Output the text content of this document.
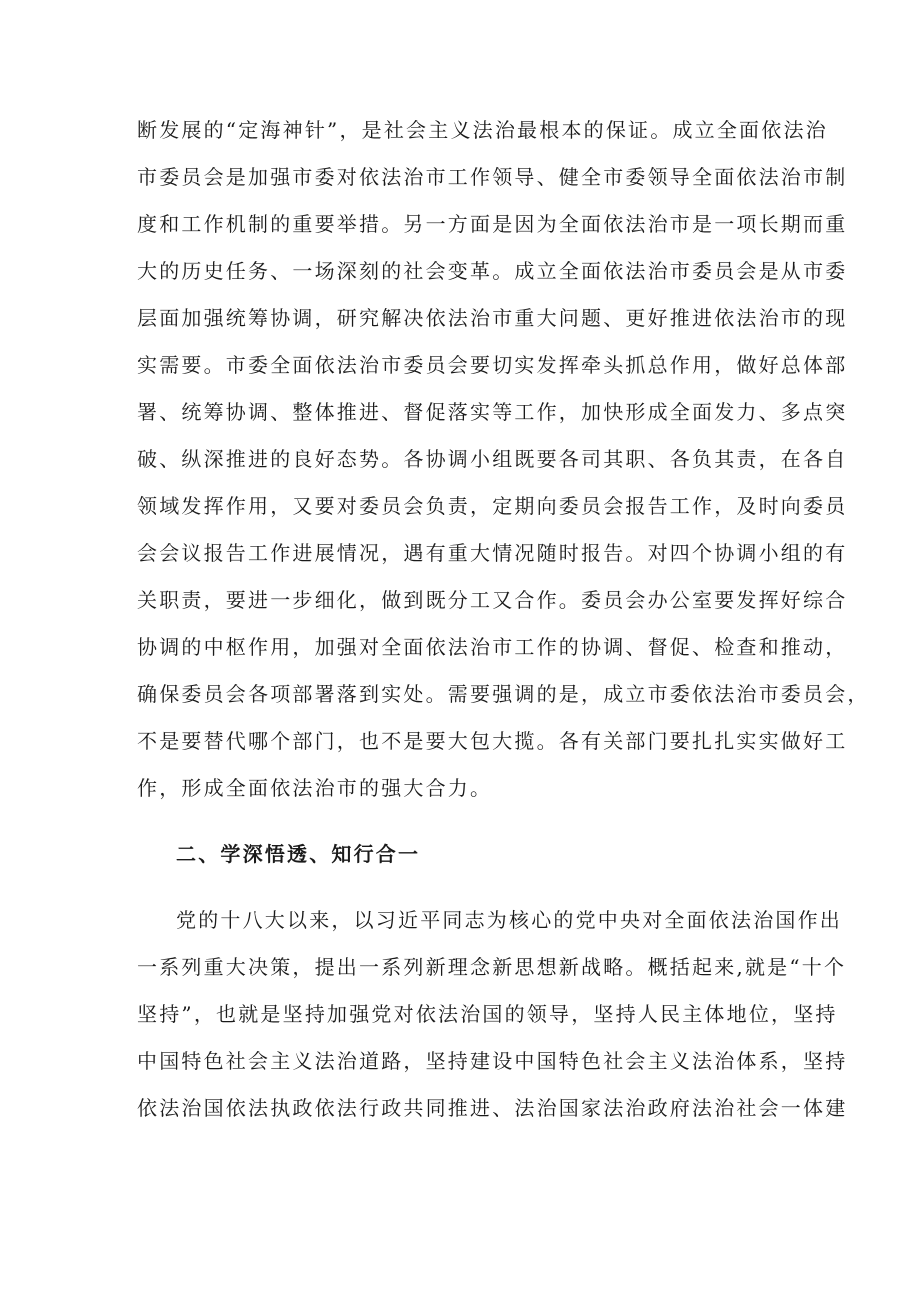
断发展的“定海神针”，是社会主义法治最根本的保证。成立全面依法治
市委员会是加强市委对依法治市工作领导、健全市委领导全面依法治市制
度和工作机制的重要举措。另一方面是因为全面依法治市是一项长期而重
大的历史任务、一场深刻的社会变革。成立全面依法治市委员会是从市委
层面加强统筹协调，研究解决依法治市重大问题、更好推进依法治市的现
实需要。市委全面依法治市委员会要切实发挥牵头抓总作用，做好总体部
署、统筹协调、整体推进、督促落实等工作，加快形成全面发力、多点突
破、纵深推进的良好态势。各协调小组既要各司其职、各负其责，在各自
领域发挥作用，又要对委员会负责，定期向委员会报告工作，及时向委员
会会议报告工作进展情况，遇有重大情况随时报告。对四个协调小组的有
关职责，要进一步细化，做到既分工又合作。委员会办公室要发挥好综合
协调的中枢作用，加强对全面依法治市工作的协调、督促、检查和推动，
确保委员会各项部署落到实处。需要强调的是，成立市委依法治市委员会，
不是要替代哪个部门，也不是要大包大揽。各有关部门要扎扎实实做好工
作，形成全面依法治市的强大合力。
二、学深悟透、知行合一
党的十八大以来，以习近平同志为核心的党中央对全面依法治国作出
一系列重大决策，提出一系列新理念新思想新战略。概括起来,就是“十个
坚持”，也就是坚持加强党对依法治国的领导，坚持人民主体地位，坚持
中国特色社会主义法治道路，坚持建设中国特色社会主义法治体系，坚持
依法治国依法执政依法行政共同推进、法治国家法治政府法治社会一体建
